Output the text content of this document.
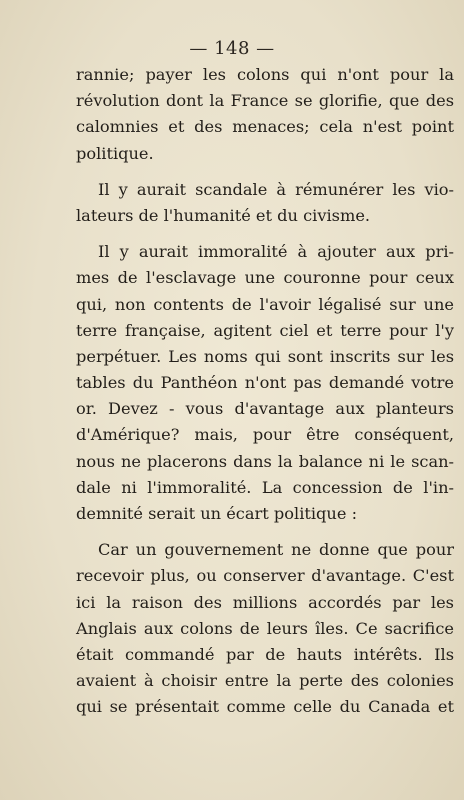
— 148 —
rannie; payer les colons qui n'ont pour la
révolution dont la France se glorifie, que des
calomnies et des menaces; cela n'est point
politique.
Il y aurait scandale à rémunérer les vio-
lateurs de l'humanité et du civisme.
Il y aurait immoralité à ajouter aux pri-
mes de l'esclavage une couronne pour ceux
qui, non contents de l'avoir légalisé sur une
terre française, agitent ciel et terre pour l'y
perpétuer. Les noms qui sont inscrits sur les
tables du Panthéon n'ont pas demandé votre
or. Devez - vous d'avantage aux planteurs
d'Amérique? mais, pour être conséquent,
nous ne placerons dans la balance ni le scan-
dale ni l'immoralité. La concession de l'in-
demnité serait un écart politique :
Car un gouvernement ne donne que pour
recevoir plus, ou conserver d'avantage. C'est
ici la raison des millions accordés par les
Anglais aux colons de leurs îles. Ce sacrifice
était commandé par de hauts intérêts. Ils
avaient à choisir entre la perte des colonies
qui se présentait comme celle du Canada et
